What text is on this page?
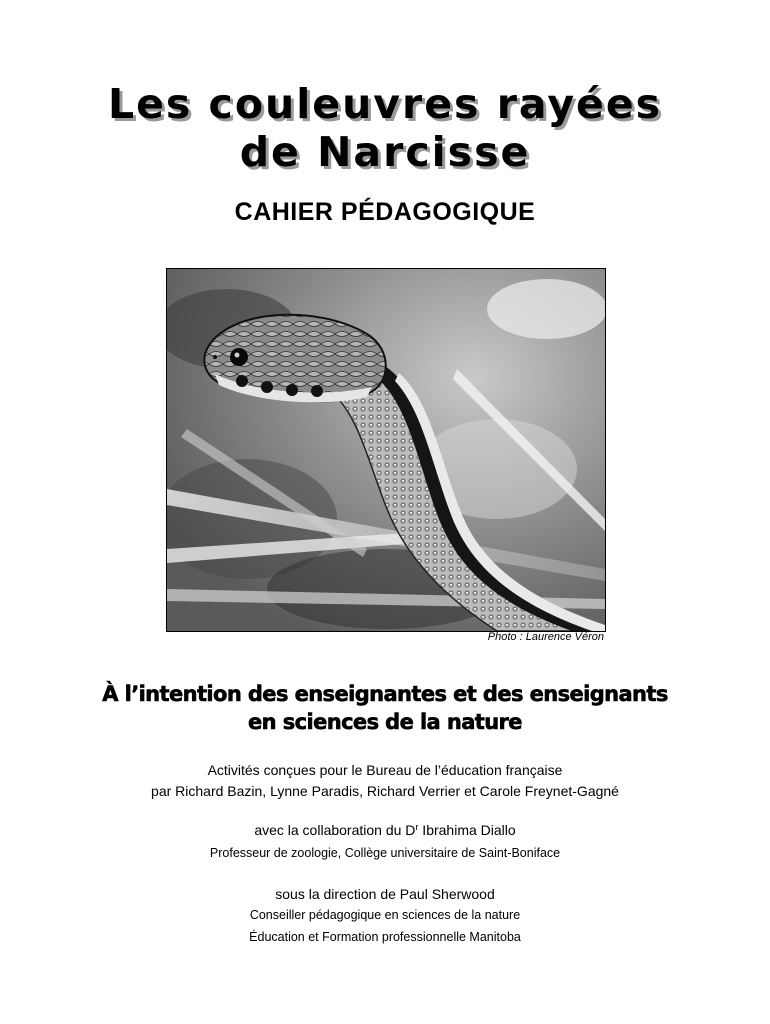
Les couleuvres rayées
de Narcisse
CAHIER PÉDAGOGIQUE
Photo : Laurence Véron
À l’intention des enseignantes et des enseignants
en sciences de la nature
Activités conçues pour le Bureau de l’éducation française
par Richard Bazin, Lynne Paradis, Richard Verrier et Carole Freynet-Gagné
avec la collaboration du $D^r$ Ibrahima Diallo
Professeur de zoologie, Collège universitaire de Saint-Boniface
sous la direction de Paul Sherwood
Conseiller pédagogique en sciences de la nature
Éducation et Formation professionnelle Manitoba
